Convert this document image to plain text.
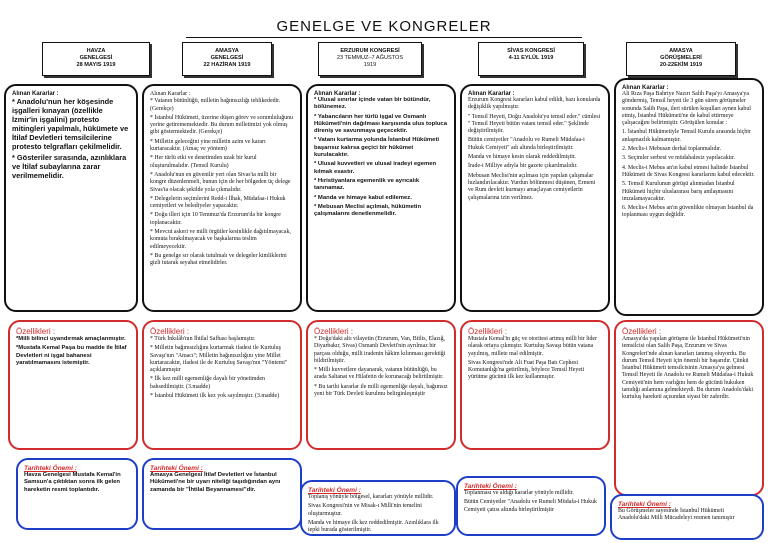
GENELGE VE KONGRELER
HAVZA
GENELGESİ
28 MAYIS 1919
Alınan Kararlar :

* Anadolu'nun her köşesinde işgalleri kınayan (özellikle İzmir'in işgalini) protesto mitingleri yapılmalı, hükümete ve İtilaf Devletleri temsilcilerine protesto telgrafları çekilmelidir.

* Gösteriler sırasında, azınlıklara ve İtilaf subaylarına zarar verilmemelidir.

Özellikleri :

*Milli bilinci uyandırmak amaçlanmıştır.

*Mustafa Kemal Paşa bu madde ile İtilaf Devletleri ni işgal bahanesi yaratılmamasını istemiştir.

Tarihteki Önemi :

Havza Genelgesi Mustafa Kemal'in Samsun'a çıktıktan sonra ilk gelen hareketin resmi toplantıdır.

AMASYA
GENELGESİ
22 HAZİRAN 1919
Alınan Kararlar :

* Vatanın bütünlüğü, milletin bağımsızlığı tehlikededir. (Gerekçe)

* İstanbul Hükümeti, üzerine düşen görev ve sorumluluğunu yerine getirememektedir. Bu durum milletimizi yok olmuş gibi göstermektedir. (Gerekçe)

* Milletin geleceğini yine milletin azim ve kararı kurtaracaktır. (Amaç ve yöntem)

* Her türlü etki ve denetimden uzak bir kurul oluşturulmalıdır. (Temsil Kurulu)

* Anadolu'nun en güvenilir yeri olan Sivas'ta milli bir kongre düzenlenmeli, bunun için de her bölgeden üç delege Sivas'ta olacak şekilde yola çıkmalıdır.

* Delegelerin seçimlerini Redd-i İlhak, Müdafaa-i Hukuk cemiyetleri ve belediyeler yapacaktır.

* Doğu illeri için 10 Temmuz'da Erzurum'da bir kongre toplanacaktır.

* Mevcut askeri ve milli örgütler kesinlikle dağıtılmayacak, komuta bırakılmayacak ve başkalarına teslim edilmeyecektir.

* Bu genelge sır olarak tutulmalı ve delegeler kimliklerini gizli tutarak seyahat etmelidirler.

Özellikleri :

* Türk İnkılâb'nın İhtilal Safhası başlamıştır.

* Milletin bağımsızlığını kurtarmak ifadesi ile Kurtuluş Savaşı'nın "Amacı"; Milletin bağımsızlığını yine Millet kurtaracaktır, ifadesi ile de Kurtuluş Savaşı'nın "Yöntemi" açıklanmıştır

* İlk kez milli egemenliğe dayalı bir yönetimden bahsedilmiştir. (3.madde)

* İstanbul Hükümeti ilk kez yok sayılmıştır. (3.madde)

Tarihteki Önemi :

Amasya Genelgesi İtilaf Devletleri ve İstanbul Hükümeti'ne bir uyarı niteliği taşıdığından aynı zamanda bir "İhtilal Beyannamesi"dir.

ERZURUM KONGRESİ
23 TEMMUZ–7 AĞUSTOS
1919
Alınan Kararlar :

* Ulusal sınırlar içinde vatan bir bütündür, bölünemez.

* Yabancıların her türlü işgal ve Osmanlı Hükümeti'nin dağılması karşısında ulus topluca direniş ve savunmaya geçecektir.

* Vatanı kurtarma yolunda İstanbul Hükümeti başarısız kalırsa geçici bir hükümet kurulacaktır.

* Ulusal kuvvetleri ve ulusal iradeyi egemen kılmak esastır.

* Hıristiyanlara egemenlik ve ayrıcalık tanınamaz.

* Manda ve himaye kabul edilemez.

* Mebusan Meclisi açılmalı, hükümetin çalışmalarını denetlenmelidir.

Özellikleri :

* Doğu'daki altı vilayetin (Erzurum, Van, Bitlis, Elazığ, Diyarbakır, Sivas) Osmanlı Devleti'nin ayrılmaz bir parçası olduğu, milli iradenin hâkim kılınması gerektiği bildirilmiştir.

* Milli kuvvetlere dayanarak, vatanın bütünlüğü, bu arada Saltanat ve Hilafetin de korunacağı belirtilmiştir.

* Bu tarihi kararlar ile milli egemenliğe dayalı, bağımsız yeni bir Türk Devleti kurulmu belirginleşmiştir

Tarihteki Önemi :

Toplanış yönüyle bölgesel, kararları yönüyle millidir.

Sivas Kongresi'nin ve Misak-ı Milli'nin temelini oluşturmuştur.

Manda ve himaye ilk kez reddedilmiştir. Azınlıklara ilk tepki burada gösterilmiştir.

SİVAS KONGRESİ
4-11 EYLÜL 1919
Alınan Kararlar :

Erzurum Kongresi kararları kabul edildi, bazı konularda değişiklik yapılmıştır.

" Temsil Heyeti, Doğu Anadolu'yu temsil eder." cümlesi " Temsil Heyeti bütün vatanı temsil eder." Şeklinde değiştirilmiştir.

Bütün cemiyetler "Anadolu ve Rumeli Müdafaa-i Hukuk Cemiyeti" adı altında birleştirilmiştir.

Manda ve himaye kesin olarak reddedilmiştir.

İrade-i Milliye adıyla bir gazete çıkarılmalıdır.

Mebusan Meclisi'nin açılması için yapılan çalışmalar hızlandırılacaktır. Yurdun bölünmesi düşünen, Ermeni ve Rum devleti kurmayı amaçlayan cemiyetlerin çalışmalarına izin verilmez.

Özellikleri :

Mustafa Kemal'in güç ve otoritesi artmış milli bir lider olarak ortaya çıkmıştır. Kurtuluş Savaşı bütün vatana yayılmış, millete mal edilmiştir.

Sivas Kongresi'nde Ali Fuat Paşa Batı Cephesi Komutanlığı'na getirilmiş, böylece Temsil Heyeti yürütme gücünü ilk kez kullanmıştır.

Tarihteki Önemi :

Toplanması ve aldığı kararlar yönüyle millidir.

Bütün Cemiyetler "Anadolu ve Rumeli Müdafa-i Hukuk Cemiyeti çatısı altında birleştirilmiştir

AMASYA
GÖRÜŞMELERİ
20-22EKİM 1919
Alınan Kararlar :

Ali Rıza Paşa Bahriye Nazırı Salih Paşa'yı Amasya'ya göndermiş, Temsil heyeti ile 3 gün süren görüşmeler sonunda Salih Paşa, ileri sürülen koşulları aynen kabul etmiş, İstanbul Hükümeti'ne de kabul ettirmeye çalışacağını belirtmiştir. Görüşülen konular :

1. İstanbul Hükümetiyle Temsil Kurulu arasında hiçbir anlaşmazlık kalmamıştır.

2. Meclis-i Mebusan derhal toplanmalıdır.

3. Seçimler serbest ve müdahalesiz yapılacaktır.

4. Meclis-i Mebus an'ın kabul etmesi halinde İstanbul Hükümeti de Sivas Kongresi kararlarını kabul edecektir.

5. Temsil Kurulunun görüşü alınmadan İstanbul Hükümeti hiçbir uluslararası barış antlaşmasını imzalamayacaktır.

6. Meclis-i Mebus an'ın güvenlikte olmayan İstanbul da toplanması uygun değildir.

Özellikleri :

Amasya'da yapılan görüşme ile İstanbul Hükümeti'nin temsilcisi olan Salih Paşa, Erzurum ve Sivas Kongreleri'nde alınan kararları tanımış oluyordu. Bu durum Temsil Heyeti için önemli bir başarıdır. Çünkü İstanbul Hükümeti temsilcisinin Amasya'ya gelmesi Temsil Heyeti ile Anadolu ve Rumeli Müdafaa-i Hukuk Cemiyeti'nin hem varlığını hem de gücünü hukuken tanıdığı anlamına gelmekteydi. Bu durum Anadolu'daki kurtuluş hareketi açısından siyasi bir zaferdir.

Tarihteki Önemi :

Bu Görüşmeler sayesinde İstanbul Hükümeti Anadolu'daki Milli Mücadeleyi resmen tanımıştır
